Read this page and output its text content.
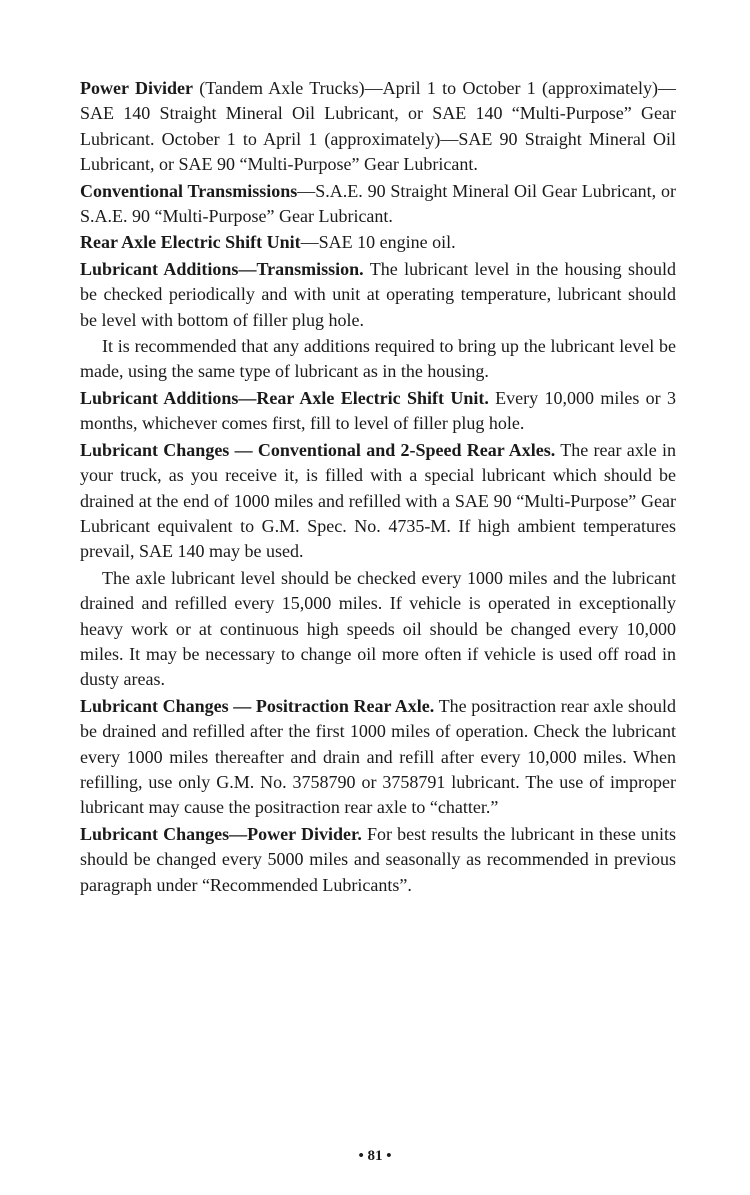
Power Divider (Tandem Axle Trucks)—April 1 to October 1 (approximately)—SAE 140 Straight Mineral Oil Lubricant, or SAE 140 “Multi-Purpose” Gear Lubricant. October 1 to April 1 (approximately)—SAE 90 Straight Mineral Oil Lubricant, or SAE 90 “Multi-Purpose” Gear Lubricant.

Conventional Transmissions—S.A.E. 90 Straight Mineral Oil Gear Lubricant, or S.A.E. 90 “Multi-Purpose” Gear Lubricant.

Rear Axle Electric Shift Unit—SAE 10 engine oil.

Lubricant Additions—Transmission. The lubricant level in the housing should be checked periodically and with unit at operating temperature, lubricant should be level with bottom of filler plug hole.

It is recommended that any additions required to bring up the lubricant level be made, using the same type of lubricant as in the housing.

Lubricant Additions—Rear Axle Electric Shift Unit. Every 10,000 miles or 3 months, whichever comes first, fill to level of filler plug hole.

Lubricant Changes — Conventional and 2-Speed Rear Axles. The rear axle in your truck, as you receive it, is filled with a special lubricant which should be drained at the end of 1000 miles and refilled with a SAE 90 “Multi-Purpose” Gear Lubricant equivalent to G.M. Spec. No. 4735-M. If high ambient temperatures prevail, SAE 140 may be used.

The axle lubricant level should be checked every 1000 miles and the lubricant drained and refilled every 15,000 miles. If vehicle is operated in exceptionally heavy work or at continuous high speeds oil should be changed every 10,000 miles. It may be necessary to change oil more often if vehicle is used off road in dusty areas.

Lubricant Changes — Positraction Rear Axle. The positraction rear axle should be drained and refilled after the first 1000 miles of operation. Check the lubricant every 1000 miles thereafter and drain and refill after every 10,000 miles. When refilling, use only G.M. No. 3758790 or 3758791 lubricant. The use of improper lubricant may cause the positraction rear axle to “chatter.”

Lubricant Changes—Power Divider. For best results the lubricant in these units should be changed every 5000 miles and seasonally as recommended in previous paragraph under “Recommended Lubricants”.

• 81 •
